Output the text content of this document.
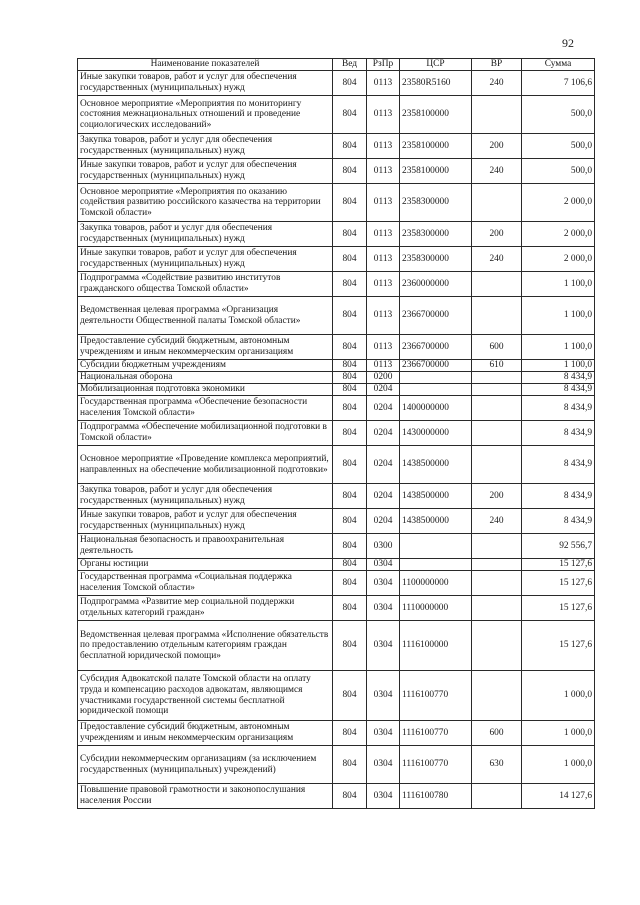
92
Наименование показателей	Вед	РзПр	ЦСР	ВР	Сумма
Иные закупки товаров, работ и услуг для обеспечения государственных (муниципальных) нужд	804	0113	23580R5160	240	7 106,6
Основное мероприятие «Мероприятия по мониторингу состояния межнациональных отношений и проведение социологических исследований»	804	0113	2358100000		500,0
Закупка товаров, работ и услуг для обеспечения государственных (муниципальных) нужд	804	0113	2358100000	200	500,0
Иные закупки товаров, работ и услуг для обеспечения государственных (муниципальных) нужд	804	0113	2358100000	240	500,0
Основное мероприятие «Мероприятия по оказанию содействия развитию российского казачества на территории Томской области»	804	0113	2358300000		2 000,0
Закупка товаров, работ и услуг для обеспечения государственных (муниципальных) нужд	804	0113	2358300000	200	2 000,0
Иные закупки товаров, работ и услуг для обеспечения государственных (муниципальных) нужд	804	0113	2358300000	240	2 000,0
Подпрограмма «Содействие развитию институтов гражданского общества Томской области»	804	0113	2360000000		1 100,0
Ведомственная целевая программа «Организация деятельности Общественной палаты Томской области»	804	0113	2366700000		1 100,0
Предоставление субсидий бюджетным, автономным учреждениям и иным некоммерческим организациям	804	0113	2366700000	600	1 100,0
Субсидии бюджетным учреждениям	804	0113	2366700000	610	1 100,0
Национальная оборона	804	0200			8 434,9
Мобилизационная подготовка экономики	804	0204			8 434,9
Государственная программа «Обеспечение безопасности населения Томской области»	804	0204	1400000000		8 434,9
Подпрограмма «Обеспечение мобилизационной подготовки в Томской области»	804	0204	1430000000		8 434,9
Основное мероприятие «Проведение комплекса мероприятий, направленных на обеспечение мобилизационной подготовки»	804	0204	1438500000		8 434,9
Закупка товаров, работ и услуг для обеспечения государственных (муниципальных) нужд	804	0204	1438500000	200	8 434,9
Иные закупки товаров, работ и услуг для обеспечения государственных (муниципальных) нужд	804	0204	1438500000	240	8 434,9
Национальная безопасность и правоохранительная деятельность	804	0300			92 556,7
Органы юстиции	804	0304			15 127,6
Государственная программа «Социальная поддержка населения Томской области»	804	0304	1100000000		15 127,6
Подпрограмма «Развитие мер социальной поддержки отдельных категорий граждан»	804	0304	1110000000		15 127,6
Ведомственная целевая программа «Исполнение обязательств по предоставлению отдельным категориям граждан бесплатной юридической помощи»	804	0304	1116100000		15 127,6
Субсидия Адвокатской палате Томской области на оплату труда и компенсацию расходов адвокатам, являющимся участниками государственной системы бесплатной юридической помощи	804	0304	1116100770		1 000,0
Предоставление субсидий бюджетным, автономным учреждениям и иным некоммерческим организациям	804	0304	1116100770	600	1 000,0
Субсидии некоммерческим организациям (за исключением государственных (муниципальных) учреждений)	804	0304	1116100770	630	1 000,0
Повышение правовой грамотности и законопослушания населения России	804	0304	1116100780		14 127,6
